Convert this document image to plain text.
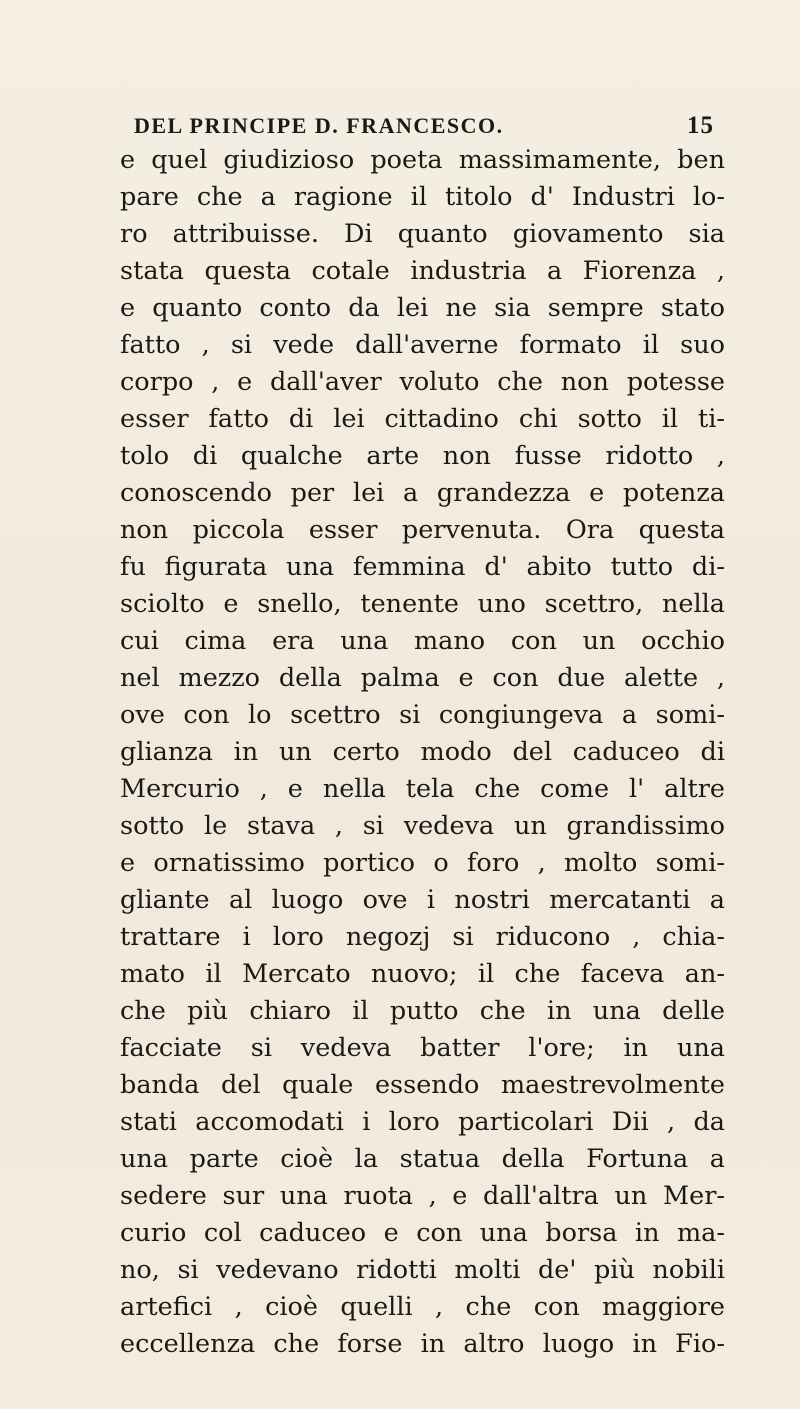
DEL PRINCIPE D. FRANCESCO.	15
e quel giudizioso poeta massimamente, ben
pare che a ragione il titolo d' Industri lo-
ro attribuisse. Di quanto giovamento sia
stata questa cotale industria a Fiorenza ,
e quanto conto da lei ne sia sempre stato
fatto , si vede dall'averne formato il suo
corpo , e dall'aver voluto che non potesse
esser fatto di lei cittadino chi sotto il ti-
tolo di qualche arte non fusse ridotto ,
conoscendo per lei a grandezza e potenza
non piccola esser pervenuta. Ora questa
fu figurata una femmina d' abito tutto di-
sciolto e snello, tenente uno scettro, nella
cui cima era una mano con un occhio
nel mezzo della palma e con due alette ,
ove con lo scettro si congiungeva a somi-
glianza in un certo modo del caduceo di
Mercurio , e nella tela che come l' altre
sotto le stava , si vedeva un grandissimo
e ornatissimo portico o foro , molto somi-
gliante al luogo ove i nostri mercatanti a
trattare i loro negozj si riducono , chia-
mato il Mercato nuovo; il che faceva an-
che più chiaro il putto che in una delle
facciate si vedeva batter l'ore; in una
banda del quale essendo maestrevolmente
stati accomodati i loro particolari Dii , da
una parte cioè la statua della Fortuna a
sedere sur una ruota , e dall'altra un Mer-
curio col caduceo e con una borsa in ma-
no, si vedevano ridotti molti de' più nobili
artefici , cioè quelli , che con maggiore
eccellenza che forse in altro luogo in Fio-
